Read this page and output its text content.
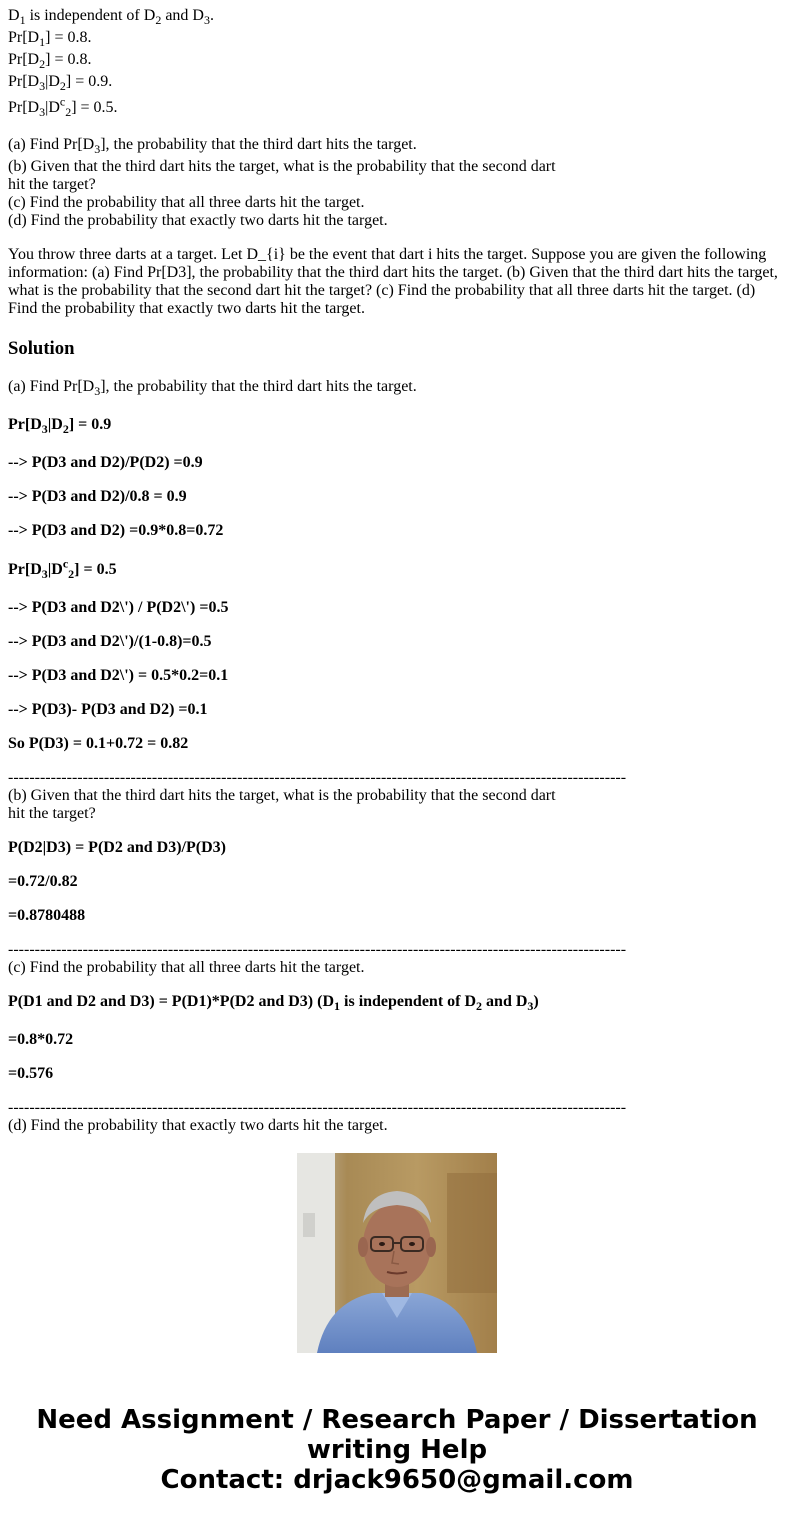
$D_1$ is independent of $D_2$ and $D_3$.
$Pr[D_1] = 0.8$.
$Pr[D_2] = 0.8$.
$Pr[D_3|D_2] = 0.9$.
$Pr[D_3|D^c_2] = 0.5$.
(a) Find $Pr[D_3]$, the probability that the third dart hits the target.
(b) Given that the third dart hits the target, what is the probability that the second dart
hit the target?
(c) Find the probability that all three darts hit the target.
(d) Find the probability that exactly two darts hit the target.
You throw three darts at a target. Let D_{i} be the event that dart i hits the target. Suppose you are given the following information: (a) Find Pr[D3], the probability that the third dart hits the target. (b) Given that the third dart hits the target, what is the probability that the second dart hit the target? (c) Find the probability that all three darts hit the target. (d) Find the probability that exactly two darts hit the target.
Solution
(a) Find $Pr[D_3]$, the probability that the third dart hits the target.
$Pr[D_3|D_2] = 0.9$
--> P(D3 and D2)/P(D2) =0.9
--> P(D3 and D2)/0.8 = 0.9
--> P(D3 and D2) =0.9*0.8=0.72
$Pr[D_3|D^c_2] = 0.5$
--> P(D3 and D2\') / P(D2\') =0.5
--> P(D3 and D2\')/(1-0.8)=0.5
--> P(D3 and D2\') = 0.5*0.2=0.1
--> P(D3)- P(D3 and D2) =0.1
So P(D3) = 0.1+0.72 = 0.82
--------------------------------------------------------------------------------------------------------------------
(b) Given that the third dart hits the target, what is the probability that the second dart
hit the target?
P(D2|D3) = P(D2 and D3)/P(D3)
=0.72/0.82
=0.8780488
--------------------------------------------------------------------------------------------------------------------
(c) Find the probability that all three darts hit the target.
P(D1 and D2 and D3) = P(D1)*P(D2 and D3) ($D_1$ is independent of $D_2$ and $D_3$)
=0.8*0.72
=0.576
--------------------------------------------------------------------------------------------------------------------
(d) Find the probability that exactly two darts hit the target.
Need Assignment / Research Paper / Dissertation
writing Help
Contact: drjack9650@gmail.com
